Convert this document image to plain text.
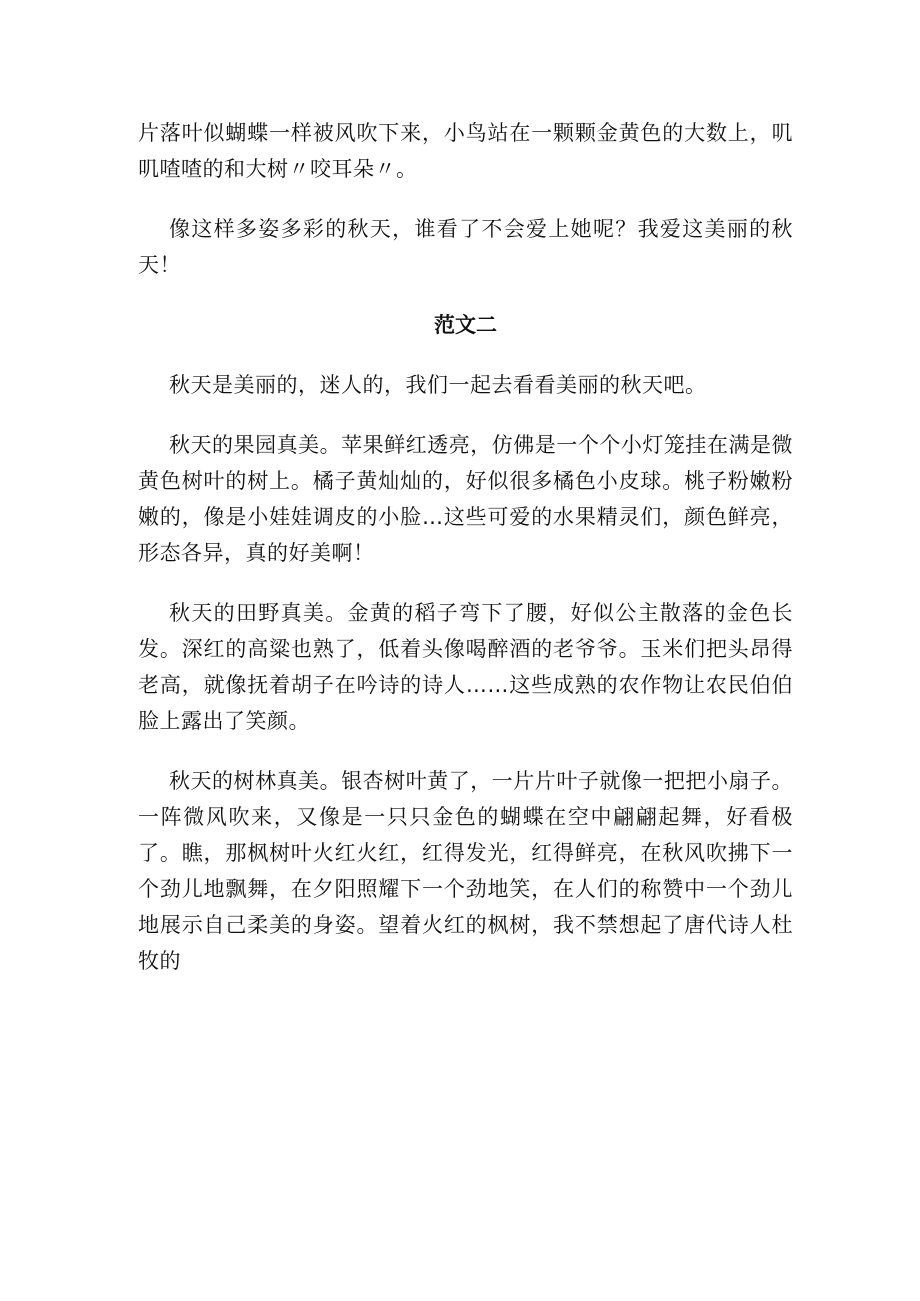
片落叶似蝴蝶一样被风吹下来，小鸟站在一颗颗金黄色的大数上，叽叽喳喳的和大树〃咬耳朵〃。

像这样多姿多彩的秋天，谁看了不会爱上她呢？我爱这美丽的秋天！

范文二

秋天是美丽的，迷人的，我们一起去看看美丽的秋天吧。

秋天的果园真美。苹果鲜红透亮，仿佛是一个个小灯笼挂在满是微黄色树叶的树上。橘子黄灿灿的，好似很多橘色小皮球。桃子粉嫩粉嫩的，像是小娃娃调皮的小脸…这些可爱的水果精灵们，颜色鲜亮，形态各异，真的好美啊！

秋天的田野真美。金黄的稻子弯下了腰，好似公主散落的金色长发。深红的高粱也熟了，低着头像喝醉酒的老爷爷。玉米们把头昂得老高，就像抚着胡子在吟诗的诗人……这些成熟的农作物让农民伯伯脸上露出了笑颜。

秋天的树林真美。银杏树叶黄了，一片片叶子就像一把把小扇子。一阵微风吹来，又像是一只只金色的蝴蝶在空中翩翩起舞，好看极了。瞧，那枫树叶火红火红，红得发光，红得鲜亮，在秋风吹拂下一个劲儿地飘舞，在夕阳照耀下一个劲地笑，在人们的称赞中一个劲儿地展示自己柔美的身姿。望着火红的枫树，我不禁想起了唐代诗人杜牧的
